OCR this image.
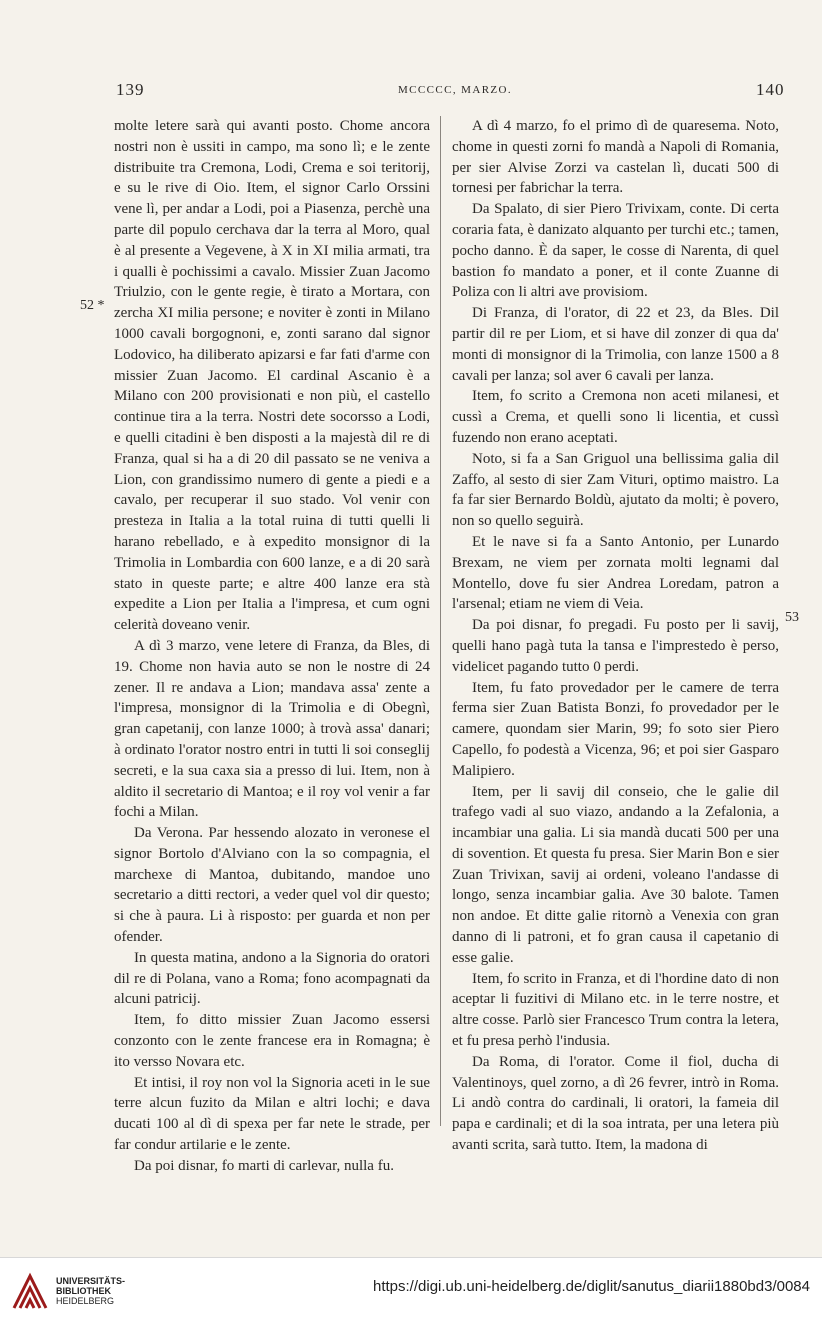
139	MCCCCC, MARZO.	140
52 *
53

molte letere sarà qui avanti posto. Chome ancora nostri non è ussiti in campo, ma sono lì; e le zente distribuite tra Cremona, Lodi, Crema e soi teritorij, e su le rive di Oio. Item, el signor Carlo Orssini vene lì, per andar a Lodi, poi a Piasenza, perchè una parte dil populo cerchava dar la terra al Moro, qual è al presente a Vegevene, à X in XI milia armati, tra i qualli è pochissimi a cavalo. Missier Zuan Jacomo Triulzio, con le gente regie, è tirato a Mortara, con zercha XI milia persone; e noviter è zonti in Milano 1000 cavali borgognoni, e, zonti sarano dal signor Lodovico, ha diliberato apizarsi e far fati d'arme con missier Zuan Jacomo. El cardinal Ascanio è a Milano con 200 provisionati e non più, el castello continue tira a la terra. Nostri dete socorsso a Lodi, e quelli citadini è ben disposti a la majestà dil re di Franza, qual si ha a di 20 dil passato se ne veniva a Lion, con grandissimo numero di gente a piedi e a cavalo, per recuperar il suo stado. Vol venir con presteza in Italia a la total ruina di tutti quelli li harano rebellado, e à expedito monsignor di la Trimolia in Lombardia con 600 lanze, e a di 20 sarà stato in queste parte; e altre 400 lanze era stà expedite a Lion per Italia a l'impresa, et cum ogni celerità doveano venir.

A dì 3 marzo, vene letere di Franza, da Bles, di 19. Chome non havia auto se non le nostre di 24 zener. Il re andava a Lion; mandava assa' zente a l'impresa, monsignor di la Trimolia e di Obegnì, gran capetanij, con lanze 1000; à trovà assa' danari; à ordinato l'orator nostro entri in tutti li soi conseglij secreti, e la sua caxa sia a presso di lui. Item, non à aldito il secretario di Mantoa; e il roy vol venir a far fochi a Milan.

Da Verona. Par hessendo alozato in veronese el signor Bortolo d'Alviano con la so compagnia, el marchexe di Mantoa, dubitando, mandoe uno secretario a ditti rectori, a veder quel vol dir questo; si che à paura. Li à risposto: per guarda et non per ofender.

In questa matina, andono a la Signoria do oratori dil re di Polana, vano a Roma; fono acompagnati da alcuni patricij.

Item, fo ditto missier Zuan Jacomo essersi conzonto con le zente francese era in Romagna; è ito versso Novara etc.

Et intisi, il roy non vol la Signoria aceti in le sue terre alcun fuzito da Milan e altri lochi; e dava ducati 100 al dì di spexa per far nete le strade, per far condur artilarie e le zente.

Da poi disnar, fo marti di carlevar, nulla fu.

A dì 4 marzo, fo el primo dì de quaresema. Noto, chome in questi zorni fo mandà a Napoli di Romania, per sier Alvise Zorzi va castelan lì, ducati 500 di tornesi per fabrichar la terra.

Da Spalato, di sier Piero Trivixam, conte. Di certa coraria fata, è danizato alquanto per turchi etc.; tamen, pocho danno. È da saper, le cosse di Narenta, di quel bastion fo mandato a poner, et il conte Zuanne di Poliza con li altri ave provisiom.

Di Franza, di l'orator, di 22 et 23, da Bles. Dil partir dil re per Liom, et si have dil zonzer di qua da' monti di monsignor di la Trimolia, con lanze 1500 a 8 cavali per lanza; sol aver 6 cavali per lanza.

Item, fo scrito a Cremona non aceti milanesi, et cussì a Crema, et quelli sono li licentia, et cussì fuzendo non erano aceptati.

Noto, si fa a San Griguol una bellissima galia dil Zaffo, al sesto di sier Zam Vituri, optimo maistro. La fa far sier Bernardo Boldù, ajutato da molti; è povero, non so quello seguirà.

Et le nave si fa a Santo Antonio, per Lunardo Brexam, ne viem per zornata molti legnami dal Montello, dove fu sier Andrea Loredam, patron a l'arsenal; etiam ne viem di Veia.

Da poi disnar, fo pregadi. Fu posto per li savij, quelli hano pagà tuta la tansa e l'imprestedo è perso, videlicet pagando tutto 0 perdi.

Item, fu fato provedador per le camere de terra ferma sier Zuan Batista Bonzi, fo provedador per le camere, quondam sier Marin, 99; fo soto sier Piero Capello, fo podestà a Vicenza, 96; et poi sier Gasparo Malipiero.

Item, per li savij dil conseio, che le galie dil trafego vadi al suo viazo, andando a la Zefalonia, a incambiar una galia. Li sia mandà ducati 500 per una di sovention. Et questa fu presa. Sier Marin Bon e sier Zuan Trivixan, savij ai ordeni, voleano l'andasse di longo, senza incambiar galia. Ave 30 balote. Tamen non andoe. Et ditte galie ritornò a Venexia con gran danno di li patroni, et fo gran causa il capetanio di esse galie.

Item, fo scrito in Franza, et di l'hordine dato di non aceptar li fuzitivi di Milano etc. in le terre nostre, et altre cosse. Parlò sier Francesco Trum contra la letera, et fu presa perhò l'indusia.

Da Roma, di l'orator. Come il fiol, ducha di Valentinoys, quel zorno, a dì 26 fevrer, intrò in Roma. Li andò contra do cardinali, li oratori, la fameia dil papa e cardinali; et di la soa intrata, per una letera più avanti scrita, sarà tutto. Item, la madona di

UNIVERSITÄTS-
BIBLIOTHEK
HEIDELBERG
https://digi.ub.uni-heidelberg.de/diglit/sanutus_diarii1880bd3/0084
